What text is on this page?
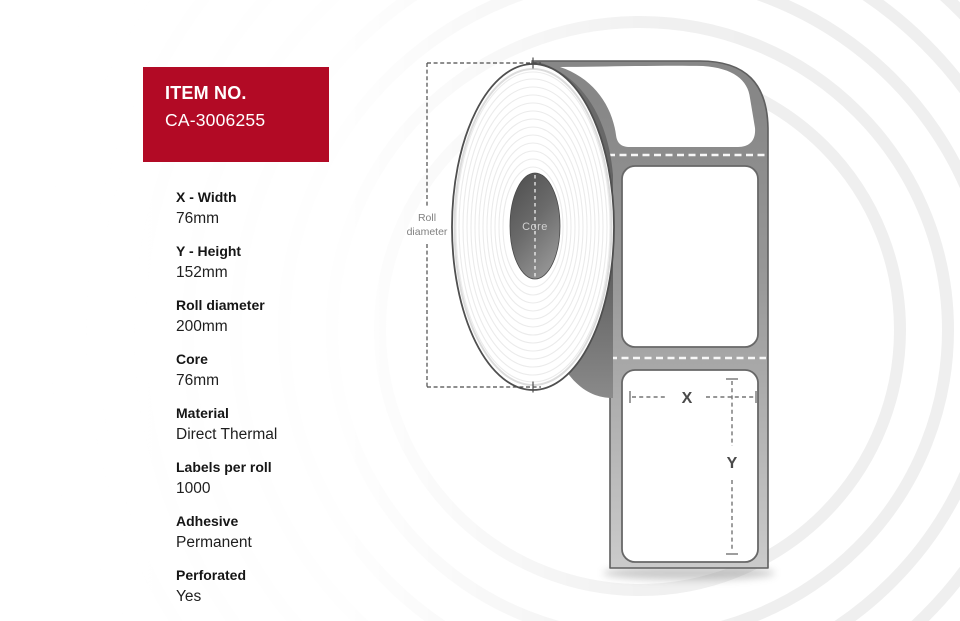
X
Y
Core
ITEM NO.
CA-3006255
X - Width
76mm
Y - Height
152mm
Roll diameter
200mm
Core
76mm
Material
Direct Thermal
Labels per roll
1000
Adhesive
Permanent
Perforated
Yes
Roll diameter
